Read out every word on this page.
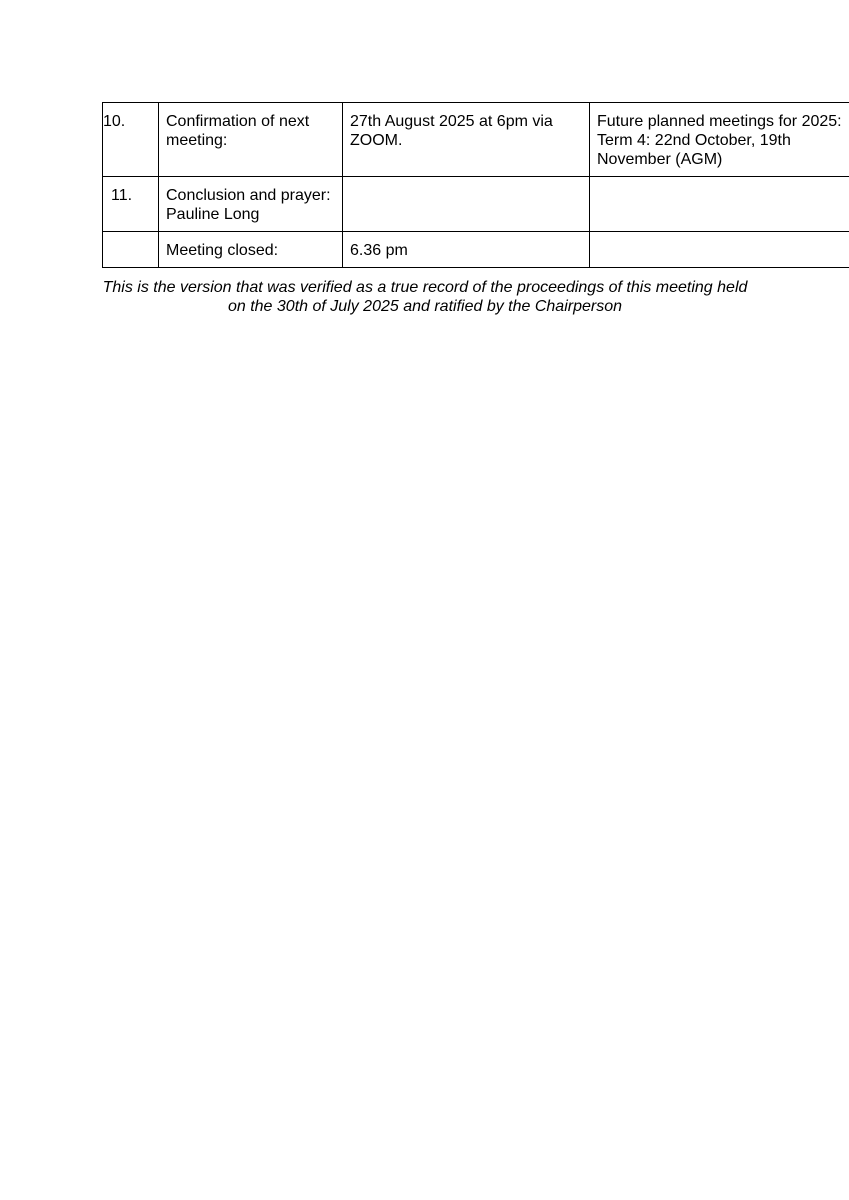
10.	Confirmation of next meeting:	27th August 2025 at 6pm via ZOOM.	Future planned meetings for 2025:
Term 4: 22nd October, 19th November (AGM)
11.	Conclusion and prayer:
Pauline Long		
	Meeting closed:	6.36 pm	

This is the version that was verified as a true record of the proceedings of this meeting held
on the 30th of July 2025 and ratified by the Chairperson
